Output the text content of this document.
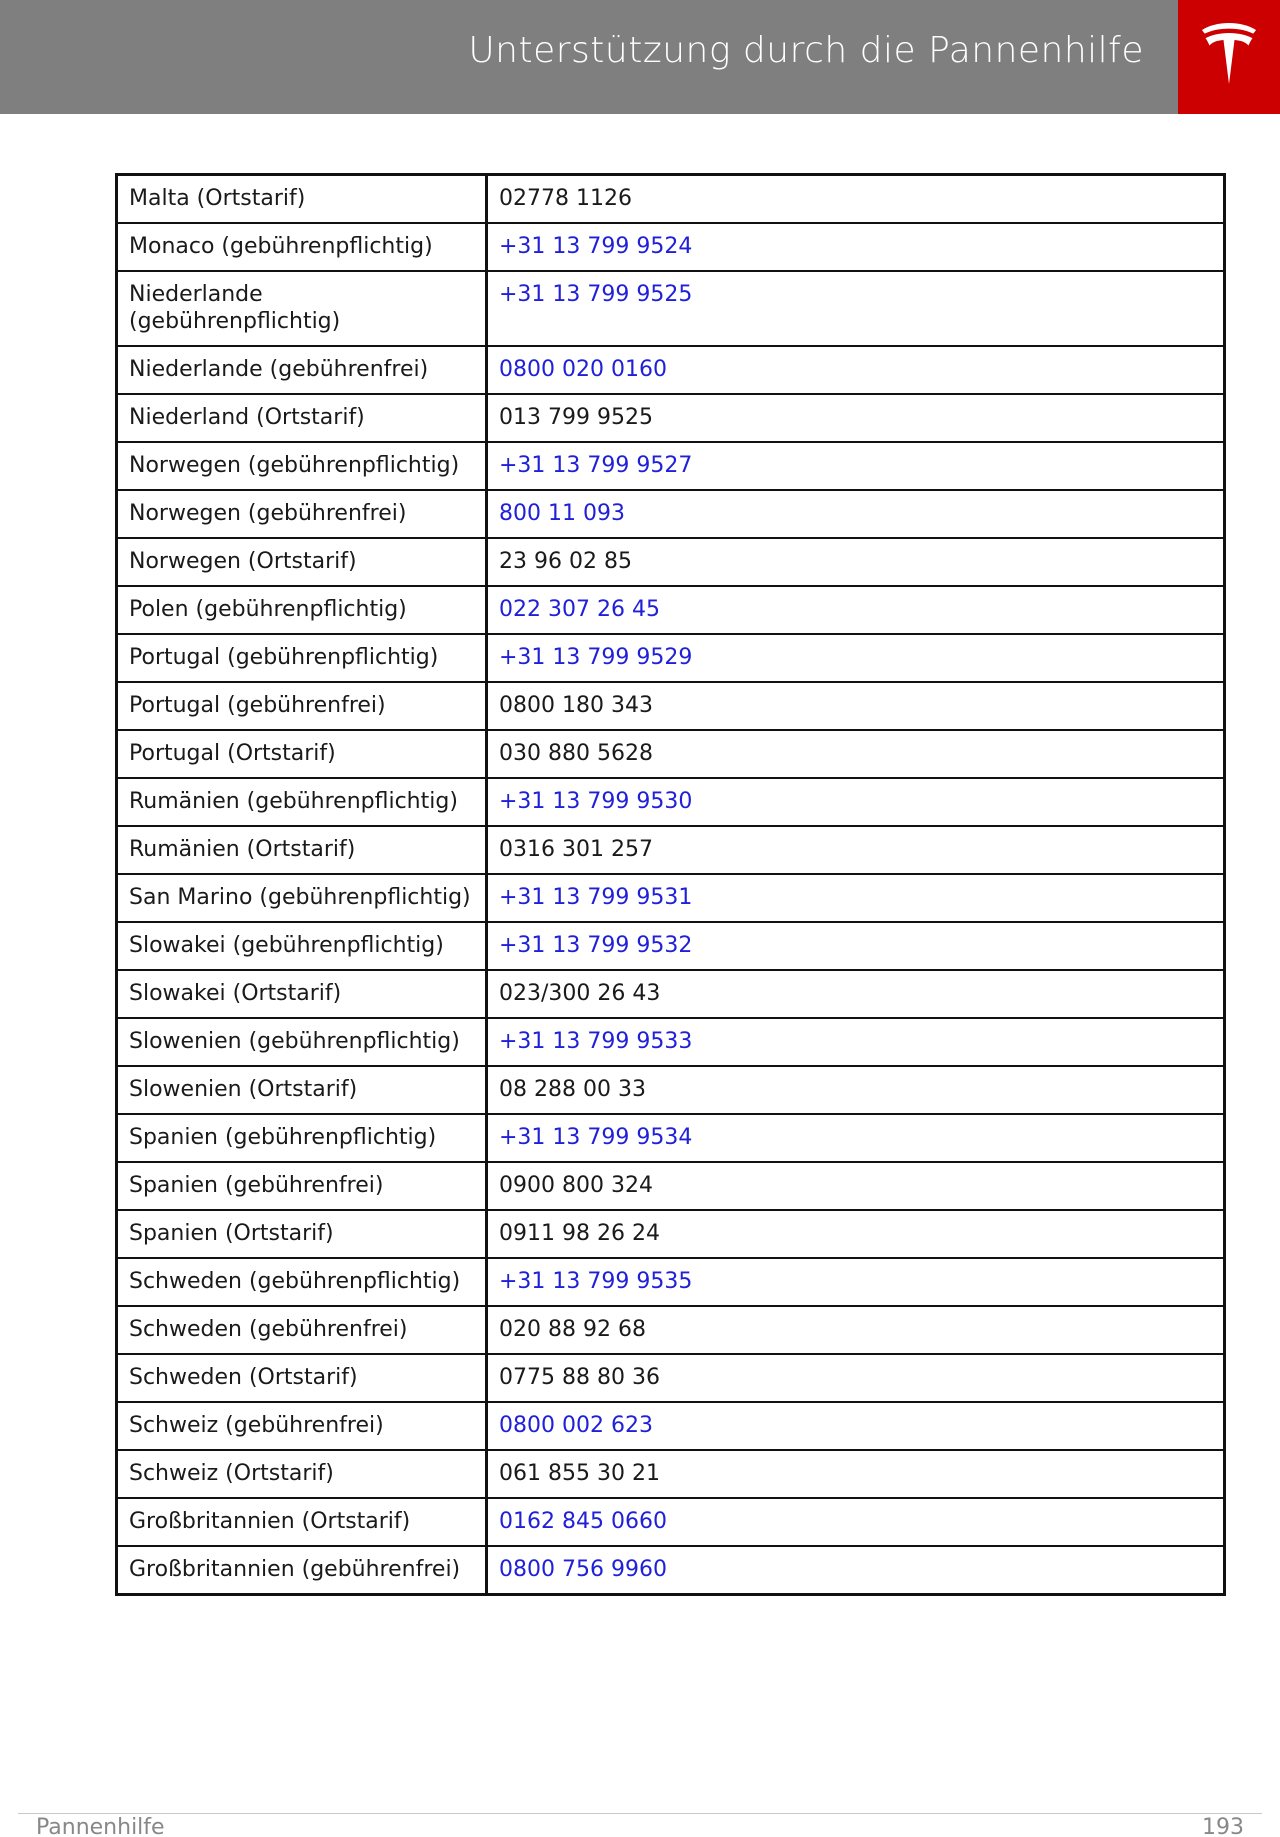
Unterstützung durch die Pannenhilfe
Malta (Ortstarif)	02778 1126
Monaco (gebührenpflichtig)	+31 13 799 9524
Niederlande (gebührenpflichtig)	+31 13 799 9525
Niederlande (gebührenfrei)	0800 020 0160
Niederland (Ortstarif)	013 799 9525
Norwegen (gebührenpflichtig)	+31 13 799 9527
Norwegen (gebührenfrei)	800 11 093
Norwegen (Ortstarif)	23 96 02 85
Polen (gebührenpflichtig)	022 307 26 45
Portugal (gebührenpflichtig)	+31 13 799 9529
Portugal (gebührenfrei)	0800 180 343
Portugal (Ortstarif)	030 880 5628
Rumänien (gebührenpflichtig)	+31 13 799 9530
Rumänien (Ortstarif)	0316 301 257
San Marino (gebührenpflichtig)	+31 13 799 9531
Slowakei (gebührenpflichtig)	+31 13 799 9532
Slowakei (Ortstarif)	023/300 26 43
Slowenien (gebührenpflichtig)	+31 13 799 9533
Slowenien (Ortstarif)	08 288 00 33
Spanien (gebührenpflichtig)	+31 13 799 9534
Spanien (gebührenfrei)	0900 800 324
Spanien (Ortstarif)	0911 98 26 24
Schweden (gebührenpflichtig)	+31 13 799 9535
Schweden (gebührenfrei)	020 88 92 68
Schweden (Ortstarif)	0775 88 80 36
Schweiz (gebührenfrei)	0800 002 623
Schweiz (Ortstarif)	061 855 30 21
Großbritannien (Ortstarif)	0162 845 0660
Großbritannien (gebührenfrei)	0800 756 9960
Pannenhilfe	193
